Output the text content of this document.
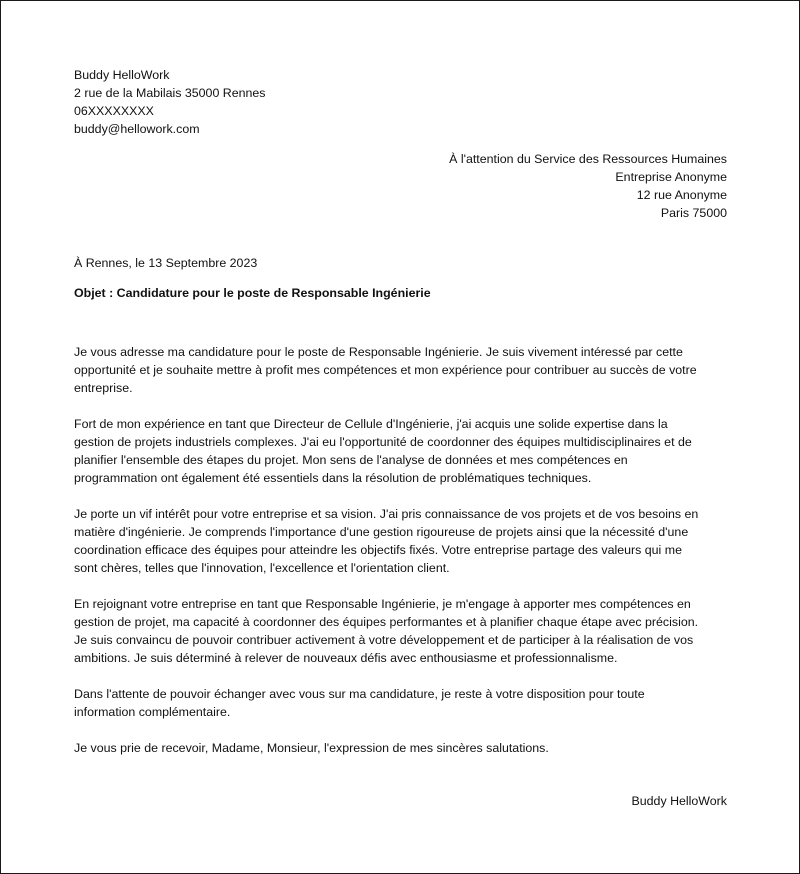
Buddy HelloWork
2 rue de la Mabilais 35000 Rennes
06XXXXXXXX
buddy@hellowork.com
À l'attention du Service des Ressources Humaines
Entreprise Anonyme
12 rue Anonyme
Paris 75000
À Rennes, le 13 Septembre 2023
Objet : Candidature pour le poste de Responsable Ingénierie
Je vous adresse ma candidature pour le poste de Responsable Ingénierie. Je suis vivement intéressé par cette
opportunité et je souhaite mettre à profit mes compétences et mon expérience pour contribuer au succès de votre
entreprise.
Fort de mon expérience en tant que Directeur de Cellule d'Ingénierie, j'ai acquis une solide expertise dans la
gestion de projets industriels complexes. J'ai eu l'opportunité de coordonner des équipes multidisciplinaires et de
planifier l'ensemble des étapes du projet. Mon sens de l'analyse de données et mes compétences en
programmation ont également été essentiels dans la résolution de problématiques techniques.
Je porte un vif intérêt pour votre entreprise et sa vision. J'ai pris connaissance de vos projets et de vos besoins en
matière d'ingénierie. Je comprends l'importance d'une gestion rigoureuse de projets ainsi que la nécessité d'une
coordination efficace des équipes pour atteindre les objectifs fixés. Votre entreprise partage des valeurs qui me
sont chères, telles que l'innovation, l'excellence et l'orientation client.
En rejoignant votre entreprise en tant que Responsable Ingénierie, je m'engage à apporter mes compétences en
gestion de projet, ma capacité à coordonner des équipes performantes et à planifier chaque étape avec précision.
Je suis convaincu de pouvoir contribuer activement à votre développement et de participer à la réalisation de vos
ambitions. Je suis déterminé à relever de nouveaux défis avec enthousiasme et professionnalisme.
Dans l'attente de pouvoir échanger avec vous sur ma candidature, je reste à votre disposition pour toute
information complémentaire.
Je vous prie de recevoir, Madame, Monsieur, l'expression de mes sincères salutations.
Buddy HelloWork
